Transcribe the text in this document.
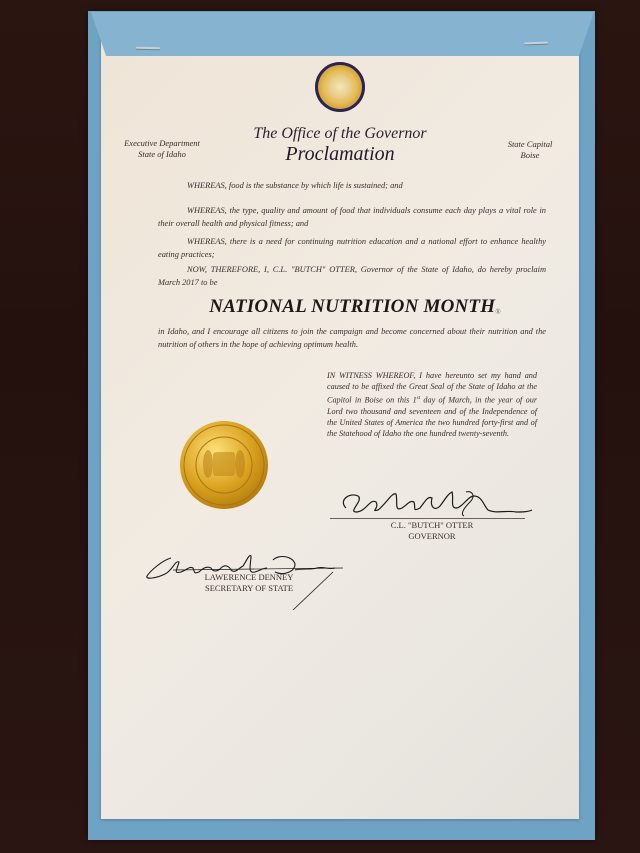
Executive Department
State of Idaho
State Capital
Boise
The Office of the Governor
Proclamation
WHEREAS, food is the substance by which life is sustained; and
WHEREAS, the type, quality and amount of food that individuals consume each day plays a vital role in their overall health and physical fitness; and
WHEREAS, there is a need for continuing nutrition education and a national effort to enhance healthy eating practices;
NOW, THEREFORE, I, C.L. "BUTCH" OTTER, Governor of the State of Idaho, do hereby proclaim March 2017 to be
NATIONAL NUTRITION MONTH®
in Idaho, and I encourage all citizens to join the campaign and become concerned about their nutrition and the nutrition of others in the hope of achieving optimum health.
IN WITNESS WHEREOF, I have hereunto set my hand and caused to be affixed the Great Seal of the State of Idaho at the Capitol in Boise on this 1st day of March, in the year of our Lord two thousand and seventeen and of the Independence of the United States of America the two hundred forty-first and of the Statehood of Idaho the one hundred twenty-seventh.
C.L. "BUTCH" OTTER
GOVERNOR
LAWERENCE DENNEY
SECRETARY OF STATE
